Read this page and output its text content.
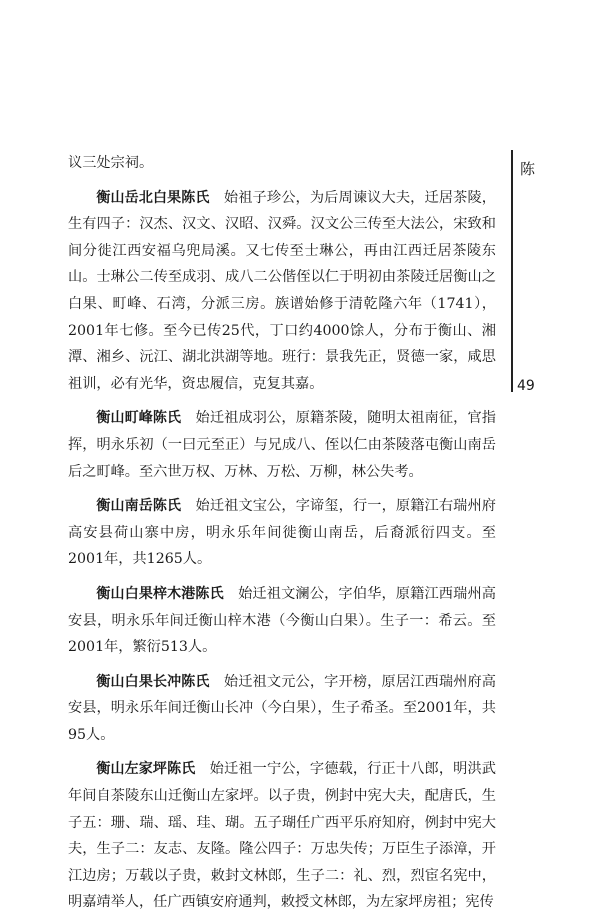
议三处宗祠。

衡山岳北白果陈氏　 始祖子珍公，为后周谏议大夫，迁居茶陵，生有四子：汉杰、汉文、汉昭、汉舜。汉文公三传至大法公，宋致和间分徙江西安福乌兜局溪。又七传至士琳公，再由江西迁居茶陵东山。士琳公二传至成羽、成八二公偕侄以仁于明初由茶陵迁居衡山之白果、町峰、石湾，分派三房。族谱始修于清乾隆六年（1741），2001年七修。至今已传25代，丁口约4000馀人，分布于衡山、湘潭、湘乡、沅江、湖北洪湖等地。班行：景我先正，贤德一家，咸思祖训，必有光华，资忠履信，克复其嘉。

衡山町峰陈氏　 始迁祖成羽公，原籍茶陵，随明太祖南征，官指挥，明永乐初（一曰元至正）与兄成八、侄以仁由茶陵落屯衡山南岳后之町峰。至六世万权、万林、万松、万柳，林公失考。

衡山南岳陈氏　 始迁祖文宝公，字谛玺，行一，原籍江右瑞州府高安县荷山寨中房，明永乐年间徙衡山南岳，后裔派衍四支。至2001年，共1265人。

衡山白果梓木港陈氏　 始迁祖文澜公，字伯华，原籍江西瑞州高安县，明永乐年间迁衡山梓木港（今衡山白果）。生子一：希云。至2001年，繁衍513人。

衡山白果长冲陈氏　 始迁祖文元公，字开榜，原居江西瑞州府高安县，明永乐年间迁衡山长冲（今白果），生子希圣。至2001年，共95人。

衡山左家坪陈氏　 始迁祖一宁公，字德载，行正十八郎，明洪武年间自茶陵东山迁衡山左家坪。以子贵，例封中宪大夫，配唐氏，生子五：珊、瑞、瑶、珪、瑚。五子瑚任广西平乐府知府，例封中宪大夫，生子二：友志、友隆。隆公四子：万忠失传；万臣生子添漳，开江边房；万载以子贵，敕封文林郎，生子二：礼、烈，烈宦名宪中，明嘉靖举人，任广西镇安府通判，敕授文林郎，为左家坪房祖；宪传

陈
49
